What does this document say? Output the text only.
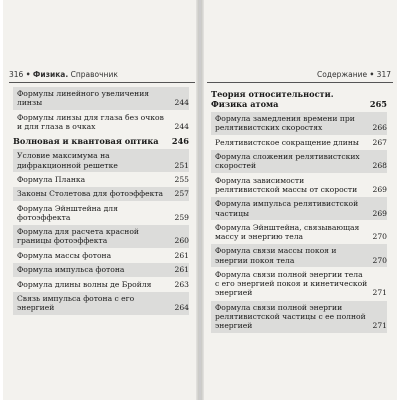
316 • Физика. Справочник
Формулы линейного увеличения линзы	244
Формулы линзы для глаза без очков и для глаза в очках	244
Волновая и квантовая оптика 246
Условие максимума на дифракционной решетке	251
Формула Планка	255
Законы Столетова для фотоэффекта	257
Формула Эйнштейна для фотоэффекта	259
Формула для расчета красной границы фотоэффекта	260
Формула массы фотона	261
Формула импульса фотона	261
Формула длины волны де Бройля	263
Связь импульса фотона с его энергией	264
Содержание • 317
Теория относительности. Физика атома	265
Формула замедления времени при релятивистских скоростях	266
Релятивистское сокращение длины	267
Формула сложения релятивистских скоростей	268
Формула зависимости релятивистской массы от скорости	269
Формула импульса релятивистской частицы	269
Формула Эйнштейна, связывающая массу и энергию тела	270
Формула связи массы покоя и энергии покоя тела	270
Формула связи полной энергии тела с его энергией покоя и кинетической энергией	271
Формула связи полной энергии релятивистской частицы с ее полной энергией	271
